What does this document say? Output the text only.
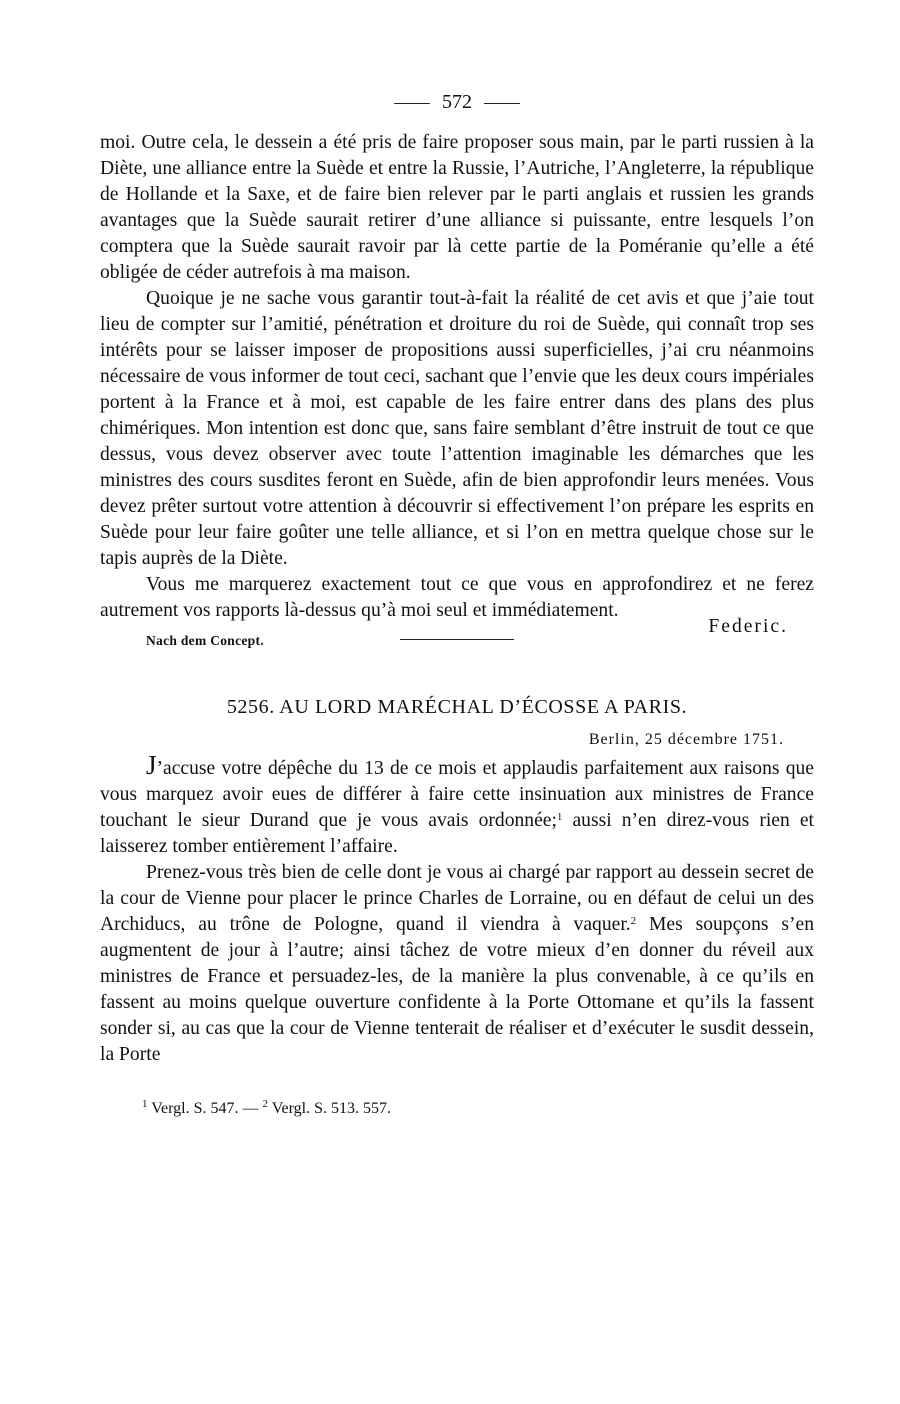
572

moi. Outre cela, le dessein a été pris de faire proposer sous main, par le parti russien à la Diète, une alliance entre la Suède et entre la Russie, l’Autriche, l’Angleterre, la république de Hollande et la Saxe, et de faire bien relever par le parti anglais et russien les grands avantages que la Suède saurait retirer d’une alliance si puissante, entre lesquels l’on comptera que la Suède saurait ravoir par là cette partie de la Poméranie qu’elle a été obligée de céder autrefois à ma maison.

Quoique je ne sache vous garantir tout-à-fait la réalité de cet avis et que j’aie tout lieu de compter sur l’amitié, pénétration et droiture du roi de Suède, qui connaît trop ses intérêts pour se laisser imposer de propositions aussi superficielles, j’ai cru néanmoins nécessaire de vous informer de tout ceci, sachant que l’envie que les deux cours impériales portent à la France et à moi, est capable de les faire entrer dans des plans des plus chimériques. Mon intention est donc que, sans faire semblant d’être instruit de tout ce que dessus, vous devez observer avec toute l’attention imaginable les démarches que les ministres des cours susdites feront en Suède, afin de bien approfondir leurs menées. Vous devez prêter surtout votre attention à découvrir si effectivement l’on prépare les esprits en Suède pour leur faire goûter une telle alliance, et si l’on en mettra quelque chose sur le tapis auprès de la Diète.

Vous me marquerez exactement tout ce que vous en approfondirez et ne ferez autrement vos rapports là-dessus qu’à moi seul et immédiatement.

Federic.
Nach dem Concept.
5256. AU LORD MARÉCHAL D’ÉCOSSE A PARIS.
Berlin, 25 décembre 1751.

J’accuse votre dépêche du 13 de ce mois et applaudis parfaitement aux raisons que vous marquez avoir eues de différer à faire cette insinuation aux ministres de France touchant le sieur Durand que je vous avais ordonnée;$^1$ aussi n’en direz-vous rien et laisserez tomber entièrement l’affaire.

Prenez-vous très bien de celle dont je vous ai chargé par rapport au dessein secret de la cour de Vienne pour placer le prince Charles de Lorraine, ou en défaut de celui un des Archiducs, au trône de Pologne, quand il viendra à vaquer.$^2$ Mes soupçons s’en augmentent de jour à l’autre; ainsi tâchez de votre mieux d’en donner du réveil aux ministres de France et persuadez-les, de la manière la plus convenable, à ce qu’ils en fassent au moins quelque ouverture confidente à la Porte Ottomane et qu’ils la fassent sonder si, au cas que la cour de Vienne tenterait de réaliser et d’exécuter le susdit dessein, la Porte

$^1$ Vergl. S. 547. — $^2$ Vergl. S. 513. 557.
